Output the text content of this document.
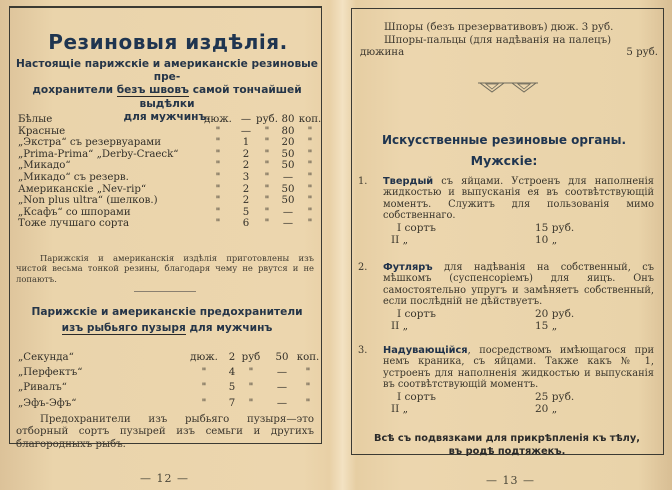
Резиновыя издѣлія.
Настоящіе парижскіе и американскіе резиновые пре-
дохранители безъ швовъ самой тончайшей выдѣлки
для мужчинъ.
Бѣлые	дюж. — руб. 80 коп.
Красные	"	—	"	80	"
„Экстра“ съ резервуарами	"	1	"	20	"
„Prima-Prima“ „Derby-Craeck“	"	2	"	50	"
„Микадо“	"	2	"	50	"
„Микадо“ съ резерв.	"	3	"	—	"
Американскіе „Nev-rip“	"	2	"	50	"
„Non plus ultra“ (шелков.)	"	2	"	50	"
„Ксафъ“ со шпорами	"	5	"	—	"
Тоже лучшаго сорта	"	6	"	—	"
Парижскія и американскія издѣлія приготовлены изъ чистой весьма тонкой резины, благодаря чему не рвутся и не лопаютъ.
Парижскіе и американскіе предохранители
изъ рыбьяго пузыря для мужчинъ
„Секунда“	дюж.	2 руб	50 коп.
„Перфектъ“	"	4	"	—	"
„Ривалъ“	"	5	"	—	"
„Эфъ-Эфъ“	"	7	"	—	"
Предохранители изъ рыбьяго пузыря—это отборный сортъ пузырей изъ семьги и другихъ благородныхъ рыбъ.
— 12 —
Шпоры (безъ презервативовъ) дюж. 3 руб.
Шпоры-пальцы (для надѣванія на палецъ)
дюжина	5 руб.
Искусственные резиновые органы.
Мужскіе:
1. Твердый съ яйцами. Устроенъ для наполненія жидкостью и выпусканія ея въ соотвѣтствующій моментъ. Служитъ для пользованія мимо собственнаго.
I сортъ	15 руб.
II „	10 „
2. Футляръ для надѣванія на собственный, съ мѣшкомъ (суспенсоріемъ) для яицъ. Онъ самостоятельно упругъ и замѣняетъ собственный, если послѣдній не дѣйствуетъ.
I сортъ	20 руб.
II „	15 „
3. Надувающійся, посредствомъ имѣющагося при немъ краника, съ яйцами. Также какъ № 1, устроенъ для наполненія жидкостью и выпусканія въ соотвѣтствующій моментъ.
I сортъ	25 руб.
II „	20 „
Всѣ съ подвязками для прикрѣпленія къ тѣлу,
въ родѣ подтяжекъ.
— 13 —
